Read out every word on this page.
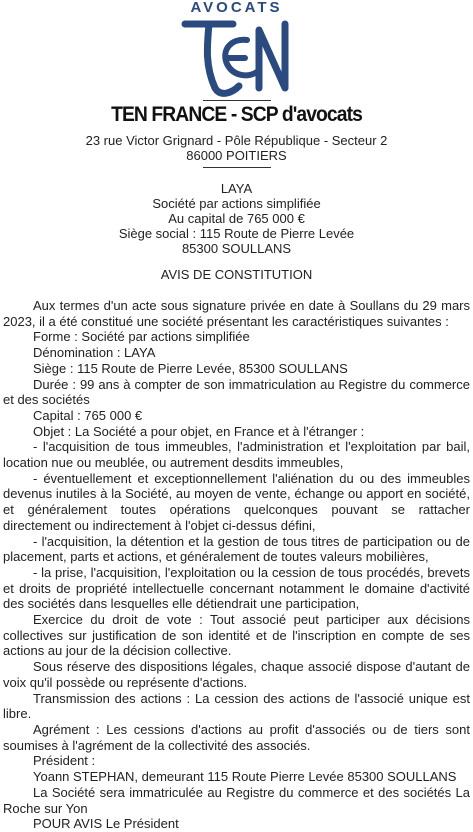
AVOCATS
TEN
TEN FRANCE - SCP d'avocats
23 rue Victor Grignard - Pôle République - Secteur 2
86000 POITIERS
LAYA
Société par actions simplifiée
Au capital de 765 000 €
Siège social : 115 Route de Pierre Levée
85300 SOULLANS
AVIS DE CONSTITUTION

Aux termes d'un acte sous signature privée en date à Soullans du 29 mars 2023, il a été constitué une société présentant les caractéristiques suivantes :

Forme : Société par actions simplifiée

Dénomination : LAYA

Siège : 115 Route de Pierre Levée, 85300 SOULLANS

Durée : 99 ans à compter de son immatriculation au Registre du commerce et des sociétés

Capital : 765 000 €

Objet : La Société a pour objet, en France et à l'étranger :

- l'acquisition de tous immeubles, l'administration et l'exploitation par bail, location nue ou meublée, ou autrement desdits immeubles,

- éventuellement et exceptionnellement l'aliénation du ou des immeubles devenus inutiles à la Société, au moyen de vente, échange ou apport en société, et généralement toutes opérations quelconques pouvant se rattacher directement ou indirectement à l'objet ci-dessus défini,

- l'acquisition, la détention et la gestion de tous titres de participation ou de placement, parts et actions, et généralement de toutes valeurs mobilières,

- la prise, l'acquisition, l'exploitation ou la cession de tous procédés, brevets et droits de propriété intellectuelle concernant notamment le domaine d'activité des sociétés dans lesquelles elle détiendrait une participation,

Exercice du droit de vote : Tout associé peut participer aux décisions collectives sur justification de son identité et de l'inscription en compte de ses actions au jour de la décision collective.

Sous réserve des dispositions légales, chaque associé dispose d'autant de voix qu'il possède ou représente d'actions.

Transmission des actions : La cession des actions de l'associé unique est libre.

Agrément : Les cessions d'actions au profit d'associés ou de tiers sont soumises à l'agrément de la collectivité des associés.

Président :

Yoann STEPHAN, demeurant 115 Route Pierre Levée 85300 SOULLANS

La Société sera immatriculée au Registre du commerce et des sociétés La Roche sur Yon

POUR AVIS Le Président
